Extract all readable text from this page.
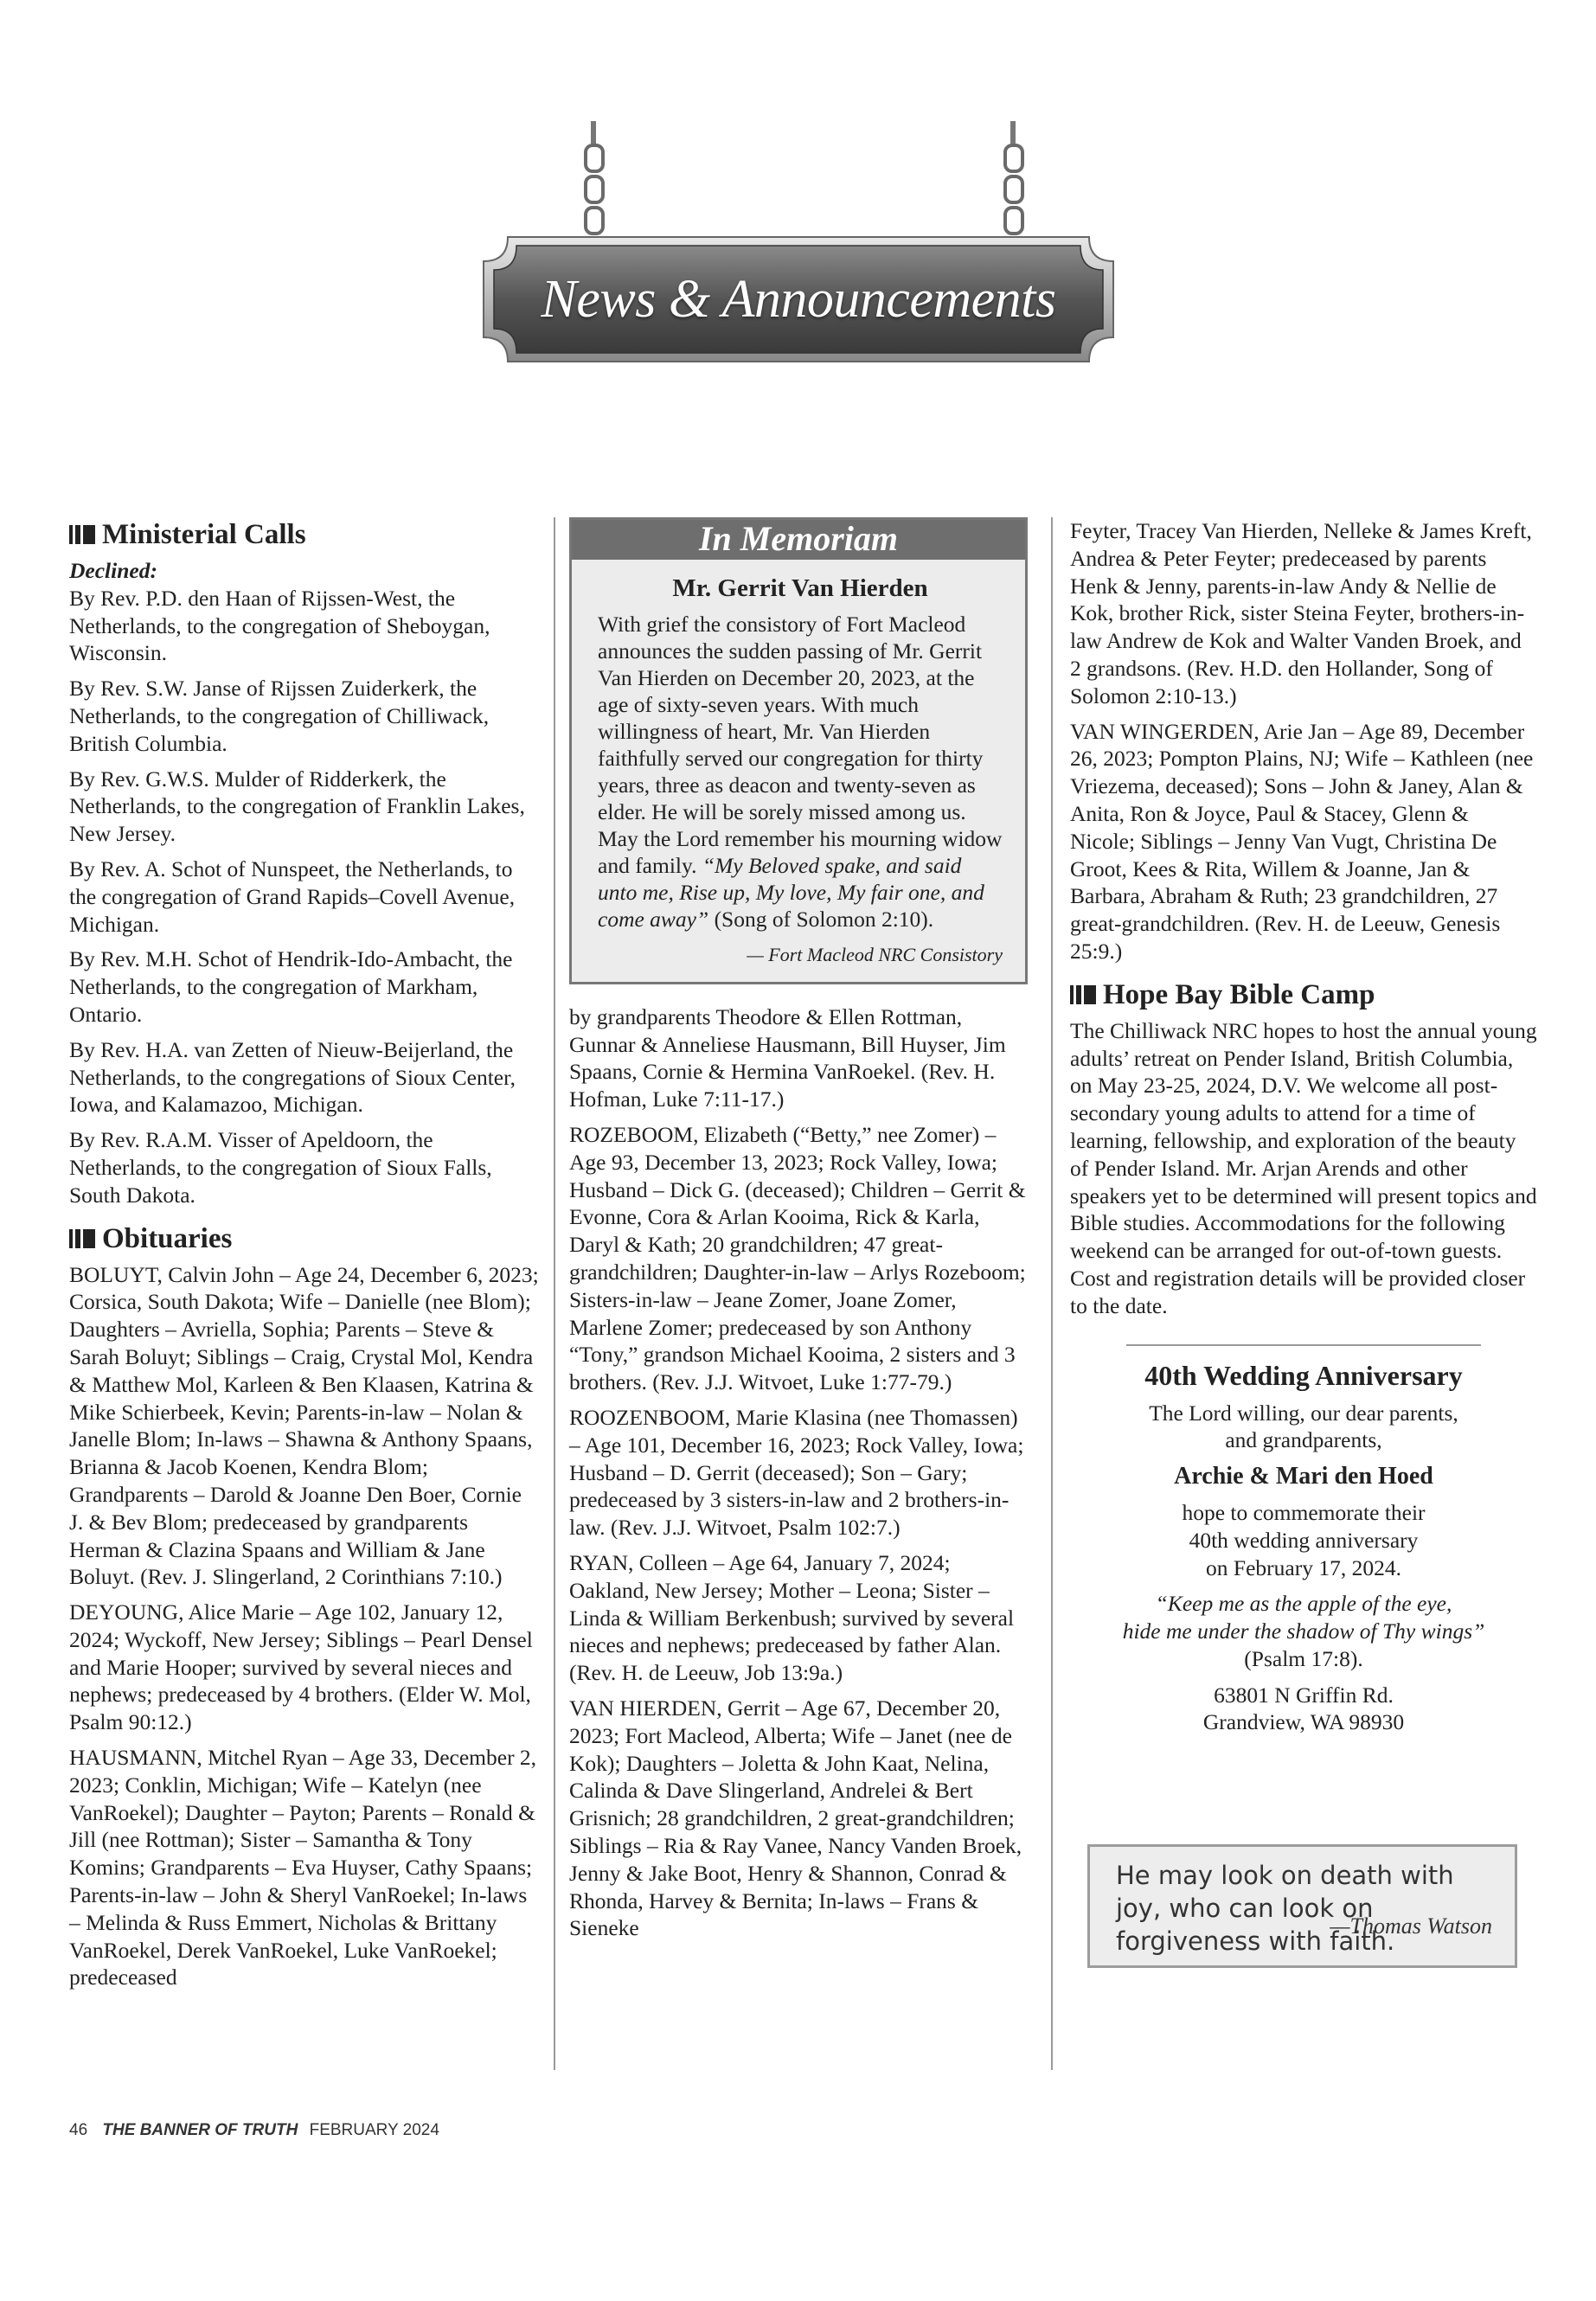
News & Announcements
Ministerial Calls

Declined:

By Rev. P.D. den Haan of Rijssen-West, the Netherlands, to the congregation of Sheboygan, Wisconsin.

By Rev. S.W. Janse of Rijssen Zuiderkerk, the Netherlands, to the congregation of Chilliwack, British Columbia.

By Rev. G.W.S. Mulder of Ridderkerk, the Netherlands, to the congregation of Franklin Lakes, New Jersey.

By Rev. A. Schot of Nunspeet, the Netherlands, to the congregation of Grand Rapids–Covell Avenue, Michigan.

By Rev. M.H. Schot of Hendrik-Ido-Ambacht, the Netherlands, to the congregation of Markham, Ontario.

By Rev. H.A. van Zetten of Nieuw-Beijerland, the Netherlands, to the congregations of Sioux Center, Iowa, and Kalamazoo, Michigan.

By Rev. R.A.M. Visser of Apeldoorn, the Netherlands, to the congregation of Sioux Falls, South Dakota.

Obituaries

BOLUYT, Calvin John – Age 24, December 6, 2023; Corsica, South Dakota; Wife – Danielle (nee Blom); Daughters – Avriella, Sophia; Parents – Steve & Sarah Boluyt; Siblings – Craig, Crystal Mol, Kendra & Matthew Mol, Karleen & Ben Klaasen, Katrina & Mike Schierbeek, Kevin; Parents-in-law – Nolan & Janelle Blom; In-laws – Shawna & Anthony Spaans, Brianna & Jacob Koenen, Kendra Blom; Grandparents – Darold & Joanne Den Boer, Cornie J. & Bev Blom; predeceased by grandparents Herman & Clazina Spaans and William & Jane Boluyt. (Rev. J. Slingerland, 2 Corinthians 7:10.)

DEYOUNG, Alice Marie – Age 102, January 12, 2024; Wyckoff, New Jersey; Siblings – Pearl Densel and Marie Hooper; survived by several nieces and nephews; predeceased by 4 brothers. (Elder W. Mol, Psalm 90:12.)

HAUSMANN, Mitchel Ryan – Age 33, December 2, 2023; Conklin, Michigan; Wife – Katelyn (nee VanRoekel); Daughter – Payton; Parents – Ronald & Jill (nee Rottman); Sister – Samantha & Tony Komins; Grandparents – Eva Huyser, Cathy Spaans; Parents-in-law – John & Sheryl VanRoekel; In-laws – Melinda & Russ Emmert, Nicholas & Brittany VanRoekel, Derek VanRoekel, Luke VanRoekel; predeceased

In Memoriam
Mr. Gerrit Van Hierden
With grief the consistory of Fort Macleod announces the sudden passing of Mr. Gerrit Van Hierden on December 20, 2023, at the age of sixty-seven years. With much willingness of heart, Mr. Van Hierden faithfully served our congregation for thirty years, three as deacon and twenty-seven as elder. He will be sorely missed among us. May the Lord remember his mourning widow and family. “My Beloved spake, and said unto me, Rise up, My love, My fair one, and come away” (Song of Solomon 2:10).
— Fort Macleod NRC Consistory

by grandparents Theodore & Ellen Rottman, Gunnar & Anneliese Hausmann, Bill Huyser, Jim Spaans, Cornie & Hermina VanRoekel. (Rev. H. Hofman, Luke 7:11-17.)

ROZEBOOM, Elizabeth (“Betty,” nee Zomer) – Age 93, December 13, 2023; Rock Valley, Iowa; Husband – Dick G. (deceased); Children – Gerrit & Evonne, Cora & Arlan Kooima, Rick & Karla, Daryl & Kath; 20 grandchildren; 47 great-grandchildren; Daughter-in-law – Arlys Rozeboom; Sisters-in-law – Jeane Zomer, Joane Zomer, Marlene Zomer; predeceased by son Anthony “Tony,” grandson Michael Kooima, 2 sisters and 3 brothers. (Rev. J.J. Witvoet, Luke 1:77-79.)

ROOZENBOOM, Marie Klasina (nee Thomassen) – Age 101, December 16, 2023; Rock Valley, Iowa; Husband – D. Gerrit (deceased); Son – Gary; predeceased by 3 sisters-in-law and 2 brothers-in-law. (Rev. J.J. Witvoet, Psalm 102:7.)

RYAN, Colleen – Age 64, January 7, 2024; Oakland, New Jersey; Mother – Leona; Sister – Linda & William Berkenbush; survived by several nieces and nephews; predeceased by father Alan. (Rev. H. de Leeuw, Job 13:9a.)

VAN HIERDEN, Gerrit – Age 67, December 20, 2023; Fort Macleod, Alberta; Wife – Janet (nee de Kok); Daughters – Joletta & John Kaat, Nelina, Calinda & Dave Slingerland, Andrelei & Bert Grisnich; 28 grandchildren, 2 great-grandchildren; Siblings – Ria & Ray Vanee, Nancy Vanden Broek, Jenny & Jake Boot, Henry & Shannon, Conrad & Rhonda, Harvey & Bernita; In-laws – Frans & Sieneke

Feyter, Tracey Van Hierden, Nelleke & James Kreft, Andrea & Peter Feyter; predeceased by parents Henk & Jenny, parents-in-law Andy & Nellie de Kok, brother Rick, sister Steina Feyter, brothers-in-law Andrew de Kok and Walter Vanden Broek, and 2 grandsons. (Rev. H.D. den Hollander, Song of Solomon 2:10-13.)

VAN WINGERDEN, Arie Jan – Age 89, December 26, 2023; Pompton Plains, NJ; Wife – Kathleen (nee Vriezema, deceased); Sons – John & Janey, Alan & Anita, Ron & Joyce, Paul & Stacey, Glenn & Nicole; Siblings – Jenny Van Vugt, Christina De Groot, Kees & Rita, Willem & Joanne, Jan & Barbara, Abraham & Ruth; 23 grandchildren, 27 great-grandchildren. (Rev. H. de Leeuw, Genesis 25:9.)

Hope Bay Bible Camp

The Chilliwack NRC hopes to host the annual young adults’ retreat on Pender Island, British Columbia, on May 23-25, 2024, D.V. We welcome all post-secondary young adults to attend for a time of learning, fellowship, and exploration of the beauty of Pender Island. Mr. Arjan Arends and other speakers yet to be determined will present topics and Bible studies. Accommodations for the following weekend can be arranged for out-of-town guests. Cost and registration details will be provided closer to the date.

40th Wedding Anniversary

The Lord willing, our dear parents,

and grandparents,

Archie & Mari den Hoed

hope to commemorate their

40th wedding anniversary

on February 17, 2024.

“Keep me as the apple of the eye,

hide me under the shadow of Thy wings”

(Psalm 17:8).

63801 N Griffin Rd.

Grandview, WA 98930

He may look on death with joy, who can look on forgiveness with faith.
—Thomas Watson
46 THE BANNER OF TRUTH FEBRUARY 2024
